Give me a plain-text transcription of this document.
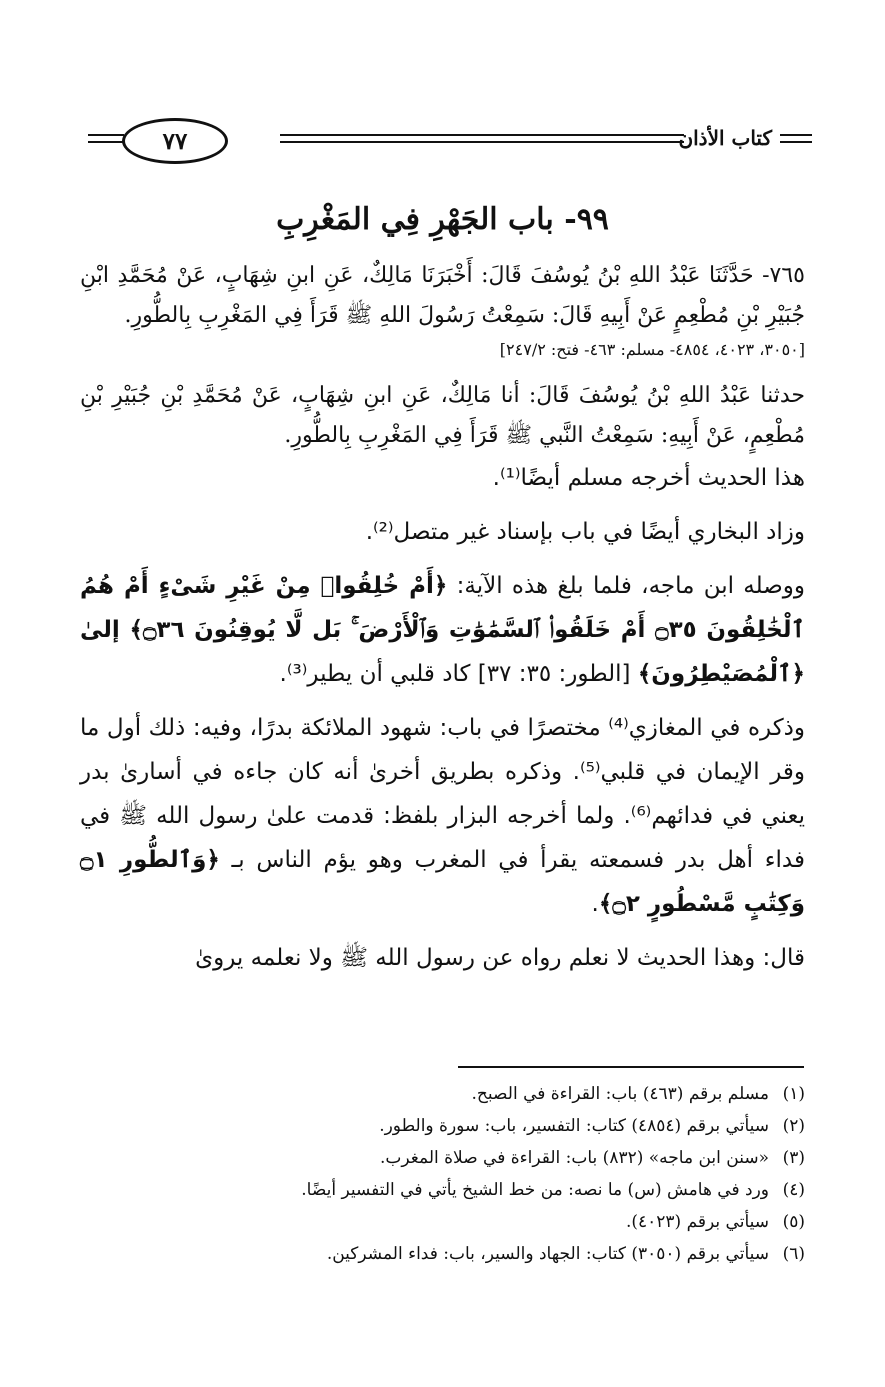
٧٧	كتاب الأذان
٩٩- باب الجَهْرِ فِي المَغْرِبِ

٧٦٥- حَدَّثَنَا عَبْدُ اللهِ بْنُ يُوسُفَ قَالَ: أَخْبَرَنَا مَالِكٌ، عَنِ ابنِ شِهَابٍ، عَنْ مُحَمَّدِ ابْنِ جُبَيْرِ بْنِ مُطْعِمٍ عَنْ أَبِيهِ قَالَ: سَمِعْتُ رَسُولَ اللهِ ﷺ قَرَأَ فِي المَغْرِبِ بِالطُّورِ.

[٣٠٥٠، ٤٠٢٣، ٤٨٥٤- مسلم: ٤٦٣- فتح: ٢٤٧/٢]

حدثنا عَبْدُ اللهِ بْنُ يُوسُفَ قَالَ: أنا مَالِكٌ، عَنِ ابنِ شِهَابٍ، عَنْ مُحَمَّدِ بْنِ جُبَيْرِ بْنِ مُطْعِمٍ، عَنْ أَبِيهِ: سَمِعْتُ النَّبي ﷺ قَرَأَ فِي المَغْرِبِ بِالطُّورِ.

هذا الحديث أخرجه مسلم أيضًا⁽¹⁾.

وزاد البخاري أيضًا في باب بإسناد غير متصل⁽²⁾.

ووصله ابن ماجه، فلما بلغ هذه الآية: ﴿أَمْ خُلِقُوا۟ مِنْ غَيْرِ شَىْءٍ أَمْ هُمُ ٱلْخَٰلِقُونَ ۝٣٥ أَمْ خَلَقُوا۟ ٱلسَّمَٰوَٰتِ وَٱلْأَرْضَ ۚ بَل لَّا يُوقِنُونَ ۝٣٦﴾ إلىٰ ﴿ٱلْمُصَيْطِرُونَ﴾ [الطور: ٣٥: ٣٧] كاد قلبي أن يطير⁽³⁾.

وذكره في المغازي⁽⁴⁾ مختصرًا في باب: شهود الملائكة بدرًا، وفيه: ذلك أول ما وقر الإيمان في قلبي⁽⁵⁾. وذكره بطريق أخرىٰ أنه كان جاءه في أسارىٰ بدر يعني في فدائهم⁽⁶⁾. ولما أخرجه البزار بلفظ: قدمت علىٰ رسول الله ﷺ في فداء أهل بدر فسمعته يقرأ في المغرب وهو يؤم الناس بـ ﴿وَٱلطُّورِ ۝١ وَكِتَٰبٍ مَّسْطُورٍ ۝٢﴾.

قال: وهذا الحديث لا نعلم رواه عن رسول الله ﷺ ولا نعلمه يروىٰ

(١)مسلم برقم (٤٦٣) باب: القراءة في الصبح.
(٢)سيأتي برقم (٤٨٥٤) كتاب: التفسير، باب: سورة والطور.
(٣)«سنن ابن ماجه» (٨٣٢) باب: القراءة في صلاة المغرب.
(٤)ورد في هامش (س) ما نصه: من خط الشيخ يأتي في التفسير أيضًا.
(٥)سيأتي برقم (٤٠٢٣).
(٦)سيأتي برقم (٣٠٥٠) كتاب: الجهاد والسير، باب: فداء المشركين.
